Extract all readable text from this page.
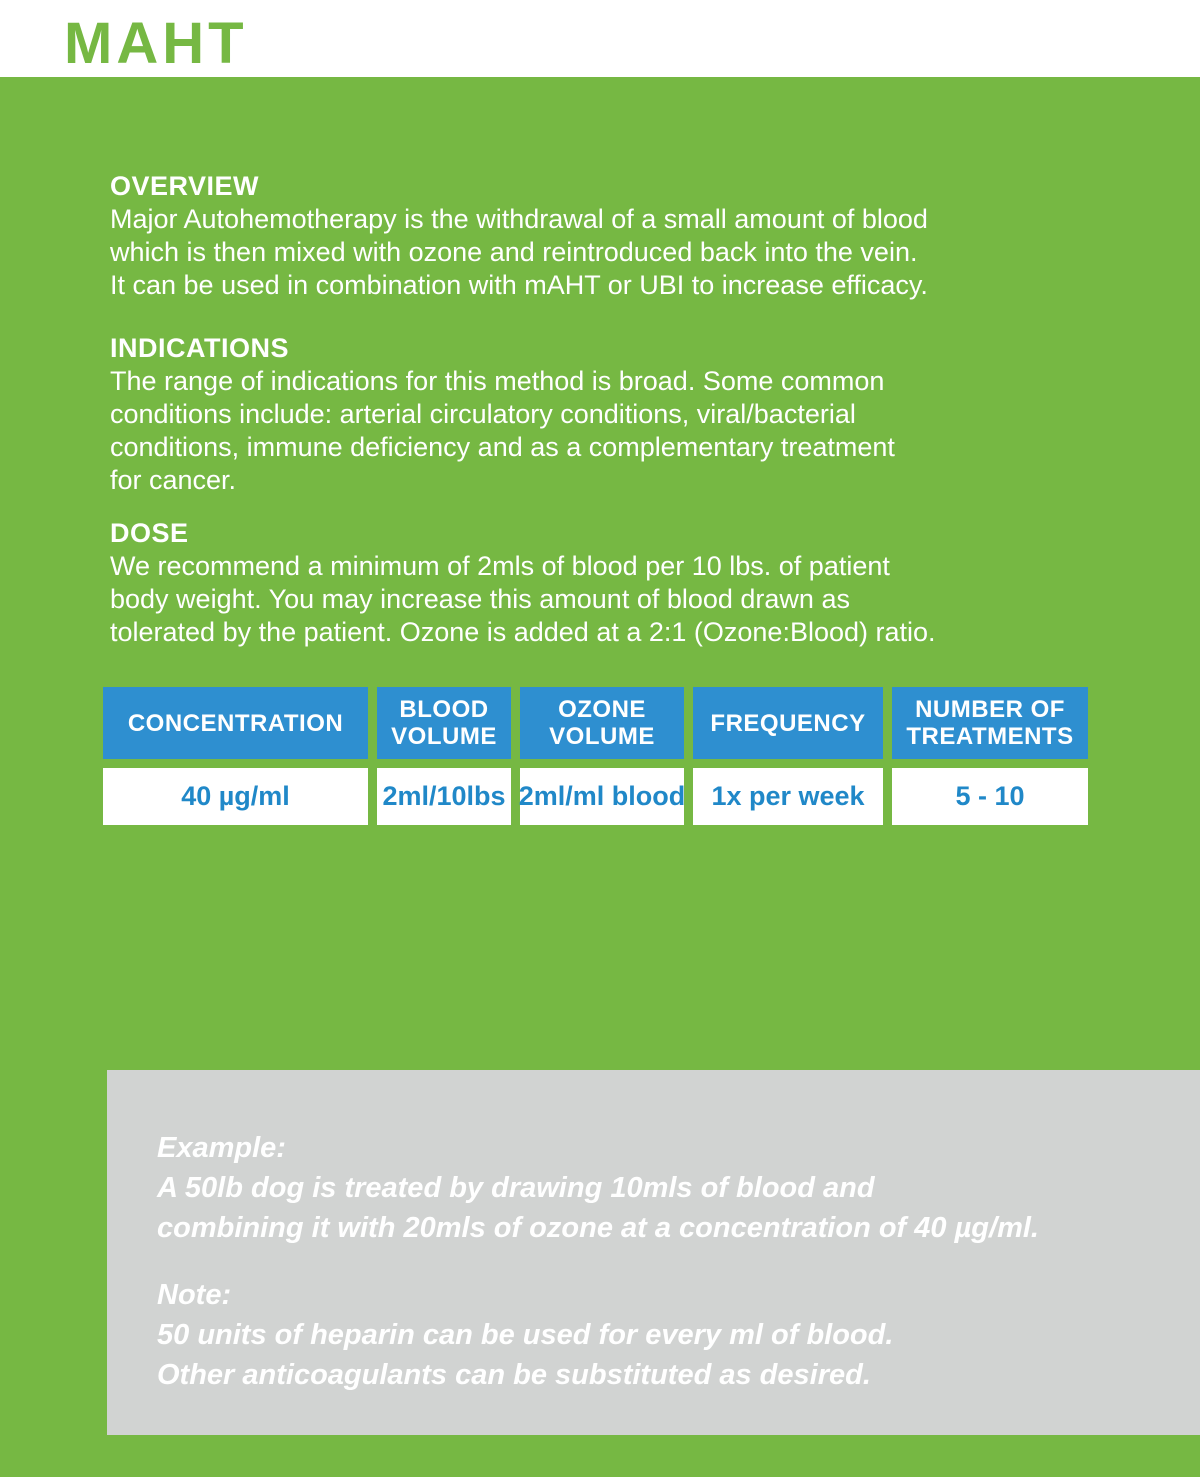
MAHT
OVERVIEW
Major Autohemotherapy is the withdrawal of a small amount of blood
which is then mixed with ozone and reintroduced back into the vein.
It can be used in combination with mAHT or UBI to increase efficacy.
INDICATIONS
The range of indications for this method is broad. Some common
conditions include: arterial circulatory conditions, viral/bacterial
conditions, immune deficiency and as a complementary treatment
for cancer.
DOSE
We recommend a minimum of 2mls of blood per 10 lbs. of patient
body weight. You may increase this amount of blood drawn as
tolerated by the patient. Ozone is added at a 2:1 (Ozone:Blood) ratio.
CONCENTRATION
40 µg/ml
BLOOD VOLUME
2ml/10lbs
OZONE VOLUME
2ml/ml blood
FREQUENCY
1x per week
NUMBER OF TREATMENTS
5 - 10
Example:
A 50lb dog is treated by drawing 10mls of blood and
combining it with 20mls of ozone at a concentration of 40 µg/ml.
Note:
50 units of heparin can be used for every ml of blood.
Other anticoagulants can be substituted as desired.
